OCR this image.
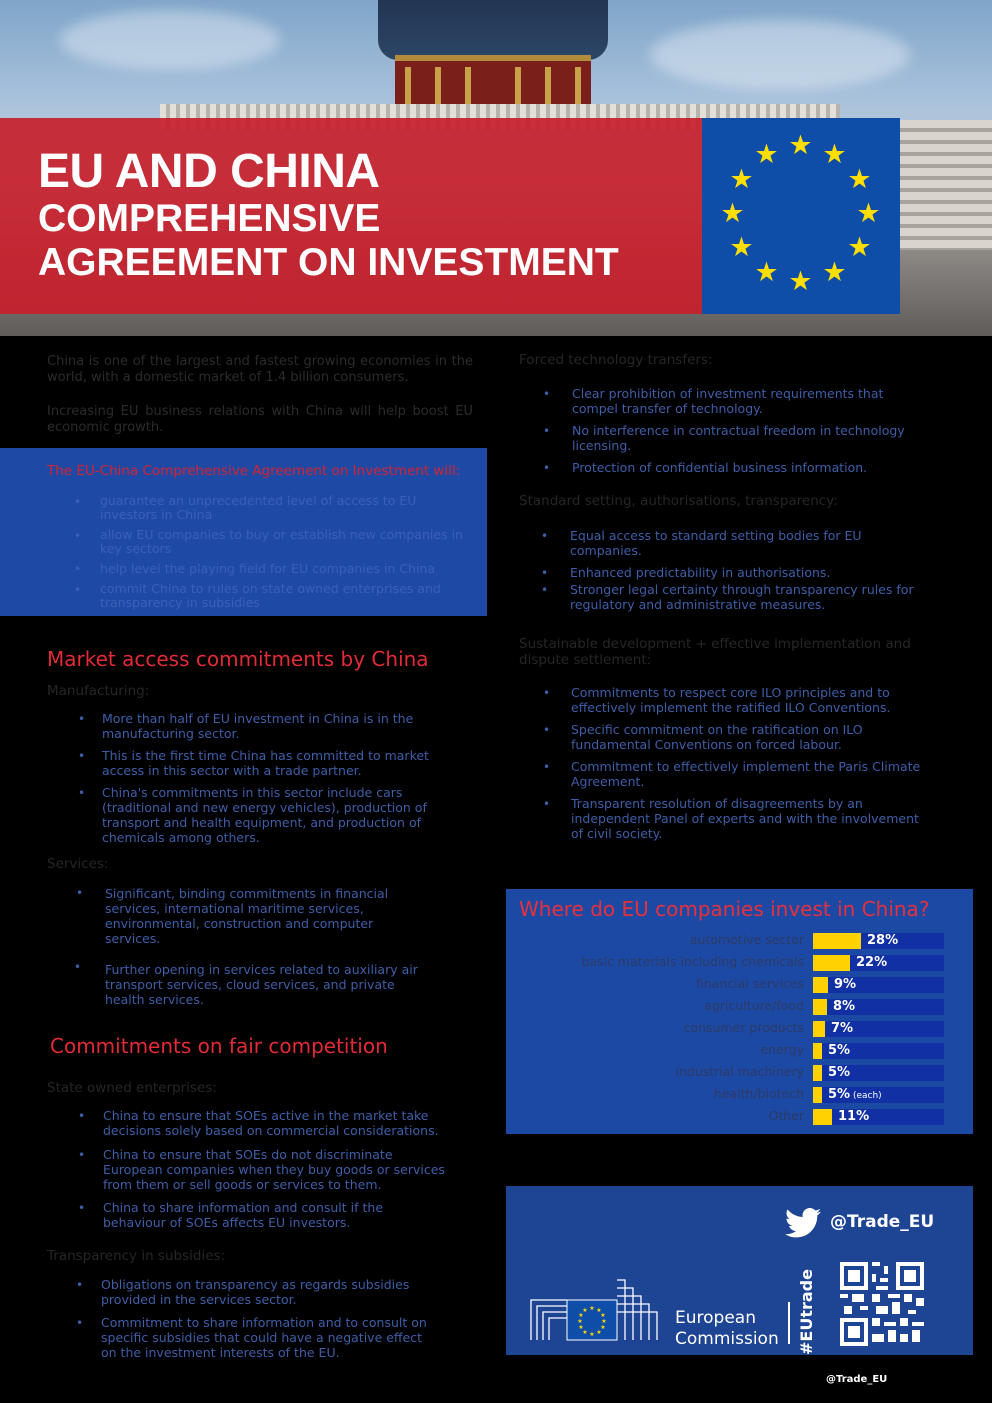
EU AND CHINA
COMPREHENSIVE
AGREEMENT ON INVESTMENT
★ ★
★
★
★
★
★
★
★
★
★
★
China is one of the largest and fastest growing economies in the world, with a domestic market of 1.4 billion consumers.
Increasing EU business relations with China will help boost EU economic growth.
The EU-China Comprehensive Agreement on Investment will:
• guarantee an unprecedented level of access to EU investors in China
• allow EU companies to buy or establish new companies in key sectors
• help level the playing field for EU companies in China
• commit China to rules on state owned enterprises and transparency in subsidies
Market access commitments by China
Manufacturing:
• More than half of EU investment in China is in the manufacturing sector.
• This is the first time China has committed to market access in this sector with a trade partner.
• China's commitments in this sector include cars (traditional and new energy vehicles), production of transport and health equipment, and production of chemicals among others.
Services:
• Significant, binding commitments in financial services, international maritime services, environmental, construction and computer services.
• Further opening in services related to auxiliary air transport services, cloud services, and private health services.
Commitments on fair competition
State owned enterprises:
• China to ensure that SOEs active in the market take decisions solely based on commercial considerations.
• China to ensure that SOEs do not discriminate European companies when they buy goods or services from them or sell goods or services to them.
• China to share information and consult if the behaviour of SOEs affects EU investors.
Transparency in subsidies:
• Obligations on transparency as regards subsidies provided in the services sector.
• Commitment to share information and to consult on specific subsidies that could have a negative effect on the investment interests of the EU.
Forced technology transfers:
• Clear prohibition of investment requirements that compel transfer of technology.
• No interference in contractual freedom in technology licensing.
• Protection of confidential business information.
Standard setting, authorisations, transparency:
• Equal access to standard setting bodies for EU companies.
• Enhanced predictability in authorisations.
• Stronger legal certainty through transparency rules for regulatory and administrative measures.
Sustainable development + effective implementation and dispute settlement:
• Commitments to respect core ILO principles and to effectively implement the ratified ILO Conventions.
• Specific commitment on the ratification on ILO fundamental Conventions on forced labour.
• Commitment to effectively implement the Paris Climate Agreement.
• Transparent resolution of disagreements by an independent Panel of experts and with the involvement of civil society.
Where do EU companies invest in China?
automotive sector	28%
basic materials including chemicals	22%
financial services 9%
agriculture/food 8%
consumer products 7%
energy 5%
industrial machinery 5%
health/biotech 5% (each)
Other	11%
@Trade_EU
★ ★
★
★
★
★
★
★
★
★
★
★	European
Commission #EUtrade
@Trade_EU
